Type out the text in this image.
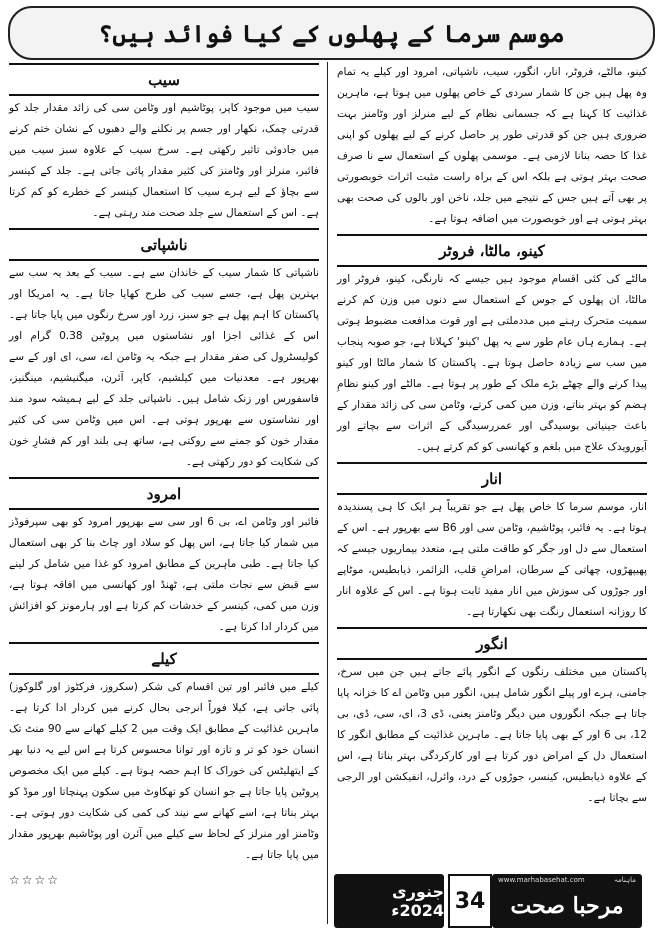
موسم سرما کے پھلوں کے کیا فوائد ہیں؟

کینو، مالٹے، فروٹر، انار، انگور، سیب، ناشپاتی، امرود اور کیلے یہ تمام وہ پھل ہیں جن کا شمار سردی کے خاص پھلوں میں ہوتا ہے، ماہرین غذائیت کا کہنا ہے کہ جسمانی نظام کے لیے منرلز اور وٹامنز بہت ضروری ہیں جن کو قدرتی طور پر حاصل کرنے کے لیے پھلوں کو اپنی غذا کا حصہ بنانا لازمی ہے۔ موسمی پھلوں کے استعمال سے نا صرف صحت بہتر ہوتی ہے بلکہ اس کے براہ راست مثبت اثرات خوبصورتی پر بھی آتے ہیں جس کے نتیجے میں جلد، ناخن اور بالوں کی صحت بھی بہتر ہوتی ہے اور خوبصورت میں اضافہ ہوتا ہے۔

کینو، مالٹا، فروٹر

مالٹے کی کئی اقسام موجود ہیں جیسے کہ نارنگی، کینو، فروٹر اور مالٹا، ان پھلوں کے جوس کے استعمال سے دنوں میں وزن کم کرنے سمیت متحرک رہنے میں مددملتی ہے اور قوت مدافعت مضبوط ہوتی ہے۔ ہمارے ہاں عام طور سے یہ پھل 'کینو' کہلاتا ہے، جو صوبہ پنجاب میں سب سے زیادہ حاصل ہوتا ہے۔ پاکستان کا شمار مالٹا اور کینو پیدا کرنے والے چھٹے بڑے ملک کے طور پر ہوتا ہے۔ مالٹے اور کینو نظامِ ہضم کو بہتر بناتے، وزن میں کمی کرتے، وٹامن سی کی زائد مقدار کے باعث جینیاتی بوسیدگی اور عمررسیدگی کے اثرات سے بچاتے اور آیورویدک علاج میں بلغم و کھانسی کو کم کرتے ہیں۔

انار

انار، موسم سرما کا خاص پھل ہے جو تقریباً ہر ایک کا ہی پسندیدہ ہوتا ہے۔ یہ فائبر، پوٹاشیم، وٹامن سی اور B6 سے بھرپور ہے۔ اس کے استعمال سے دل اور جگر کو طاقت ملتی ہے، متعدد بیماریوں جیسے کہ پھیپھڑوں، چھاتی کے سرطان، امراضِ قلب، الزائمر، ذیابطیس، موٹاپے اور جوڑوں کی سوزش میں انار مفید ثابت ہوتا ہے۔ اس کے علاوہ انار کا روزانہ استعمال رنگت بھی نکھارتا ہے۔

انگور

پاکستان میں مختلف رنگوں کے انگور پائے جاتے ہیں جن میں سرخ، جامنی، ہرے اور پیلے انگور شامل ہیں، انگور میں وٹامن اے کا خزانہ پایا جاتا ہے جبکہ انگوروں میں دیگر وٹامنز یعنی، ڈی 3، ای، سی، ڈی، بی 12، بی 6 اور کے بھی پایا جاتا ہے۔ ماہرین غذائیت کے مطابق انگور کا استعمال دل کے امراض دور کرتا ہے اور کارکردگی بہتر بناتا ہے، اس کے علاوہ ذیابطیس، کینسر، جوڑوں کے درد، وائرل، انفیکشن اور الرجی سے بچاتا ہے۔

سیب

سیب میں موجود کاپر، پوٹاشیم اور وٹامن سی کی زائد مقدار جلد کو قدرتی چمک، نکھار اور جسم پر نکلنے والے دھبوں کے نشان ختم کرنے میں جادوئی تاثیر رکھتی ہے۔ سرخ سیب کے علاوہ سبز سیب میں فائبر، منرلز اور وٹامنز کی کثیر مقدار پائی جاتی ہے۔ جلد کے کینسر سے بچاؤ کے لیے ہرے سیب کا استعمال کینسر کے خطرے کو کم کرتا ہے۔ اس کے استعمال سے جلد صحت مند رہتی ہے۔

ناشپاتی

ناشپاتی کا شمار سیب کے خاندان سے ہے۔ سیب کے بعد یہ سب سے بہترین پھل ہے، جسے سیب کی طرح کھایا جاتا ہے۔ یہ امریکا اور پاکستان کا اہم پھل ہے جو سبز، زرد اور سرخ رنگوں میں پایا جاتا ہے۔ اس کے غذائی اجزا اور نشاستوں میں پروٹین 0.38 گرام اور کولیسٹرول کی صفر مقدار ہے جبکہ یہ وٹامن اے، سی، ای اور کے سے بھرپور ہے۔ معدنیات میں کیلشیم، کاپر، آئرن، میگنیشیم، مینگنیز، فاسفورس اور زنک شامل ہیں۔ ناشپاتی جلد کے لیے ہمیشہ سود مند اور نشاستوں سے بھرپور ہوتی ہے۔ اس میں وٹامن سی کی کثیر مقدار خون کو جمنے سے روکتی ہے، ساتھ ہی بلند اور کم فشارِ خون کی شکایت کو دور رکھتی ہے۔

امرود

فائبر اور وٹامن اے، بی 6 اور سی سے بھرپور امرود کو بھی سپرفوڈز میں شمار کیا جاتا ہے، اس پھل کو سلاد اور چاٹ بنا کر بھی استعمال کیا جاتا ہے۔ طبی ماہرین کے مطابق امرود کو غذا میں شامل کر لینے سے قبض سے نجات ملتی ہے، ٹھنڈ اور کھانسی میں افاقہ ہوتا ہے، وزن میں کمی، کینسر کے خدشات کم کرتا ہے اور ہارمونز کو افزائش میں کردار ادا کرتا ہے۔

کیلے

کیلے میں فائبر اور تین اقسام کی شکر (سکروز، فرکٹوز اور گلوکوز) پائی جاتی ہے، کیلا فوراً انرجی بحال کرنے میں کردار ادا کرتا ہے۔ ماہرین غذائیت کے مطابق ایک وقت میں 2 کیلے کھانے سے 90 منٹ تک انسان خود کو تر و تازہ اور توانا محسوس کرتا ہے اس لیے یہ دنیا بھر کے ایتھلیٹس کی خوراک کا اہم حصہ ہوتا ہے۔ کیلے میں ایک مخصوص پروٹین پایا جاتا ہے جو انسان کو تھکاوٹ میں سکون پہنچاتا اور موڈ کو بہتر بناتا ہے، اسے کھانے سے نیند کی کمی کی شکایت دور ہوتی ہے۔ وٹامنز اور منرلز کے لحاظ سے کیلے میں آئرن اور پوٹاشیم بھرپور مقدار میں پایا جاتا ہے۔

☆☆☆☆
جنوری 2024ء 34
www.marhabasehat.com	ماہنامہ
مرحبا صحت
